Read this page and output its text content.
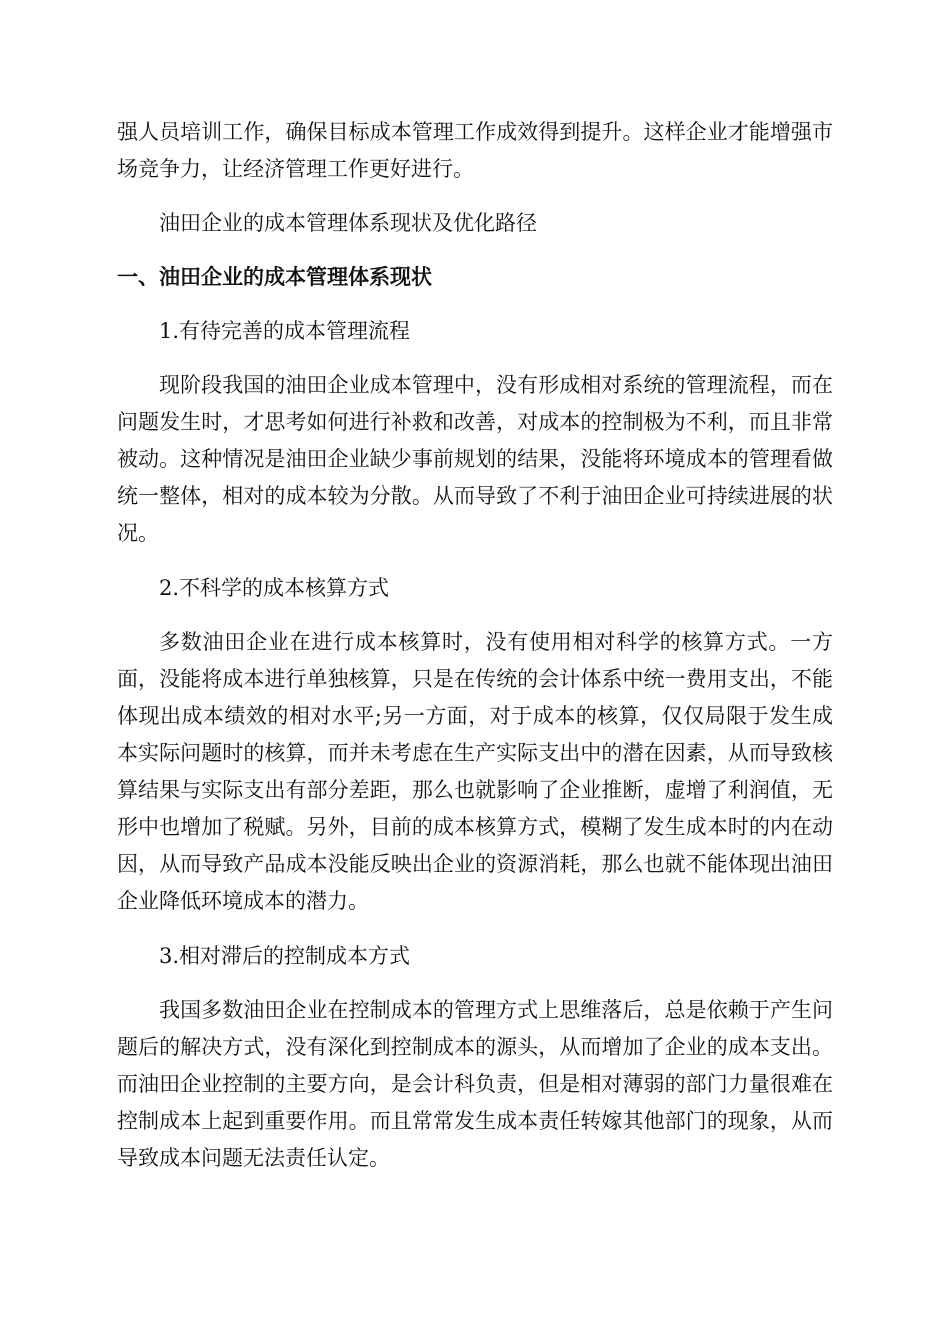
强人员培训工作，确保目标成本管理工作成效得到提升。这样企业才能增强市场竞争力，让经济管理工作更好进行。

油田企业的成本管理体系现状及优化路径

一、油田企业的成本管理体系现状

1.有待完善的成本管理流程

现阶段我国的油田企业成本管理中，没有形成相对系统的管理流程，而在问题发生时，才思考如何进行补救和改善，对成本的控制极为不利，而且非常被动。这种情况是油田企业缺少事前规划的结果，没能将环境成本的管理看做统一整体，相对的成本较为分散。从而导致了不利于油田企业可持续进展的状况。

2.不科学的成本核算方式

多数油田企业在进行成本核算时，没有使用相对科学的核算方式。一方面，没能将成本进行单独核算，只是在传统的会计体系中统一费用支出，不能体现出成本绩效的相对水平;另一方面，对于成本的核算，仅仅局限于发生成本实际问题时的核算，而并未考虑在生产实际支出中的潜在因素，从而导致核算结果与实际支出有部分差距，那么也就影响了企业推断，虚增了利润值，无形中也增加了税赋。另外，目前的成本核算方式，模糊了发生成本时的内在动因，从而导致产品成本没能反映出企业的资源消耗，那么也就不能体现出油田企业降低环境成本的潜力。

3.相对滞后的控制成本方式

我国多数油田企业在控制成本的管理方式上思维落后，总是依赖于产生问题后的解决方式，没有深化到控制成本的源头，从而增加了企业的成本支出。而油田企业控制的主要方向，是会计科负责，但是相对薄弱的部门力量很难在控制成本上起到重要作用。而且常常发生成本责任转嫁其他部门的现象，从而导致成本问题无法责任认定。
